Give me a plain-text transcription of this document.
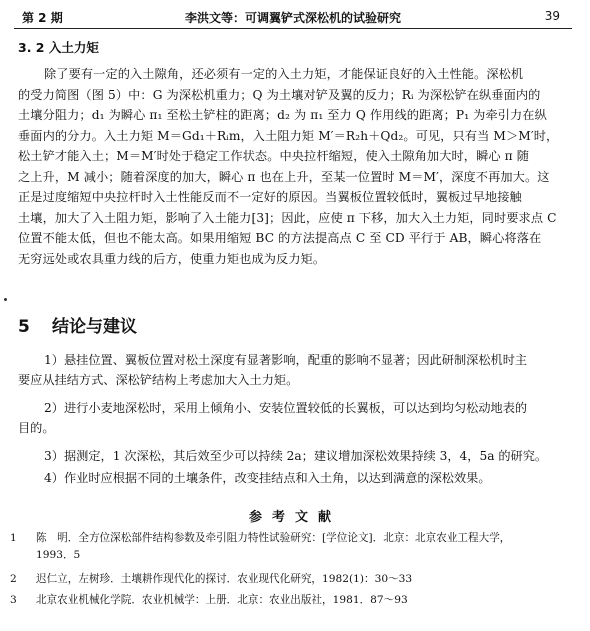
第 2 期	李洪文等：可调翼铲式深松机的试验研究	39
3. 2 入土力矩
除了要有一定的入土隙角，还必须有一定的入土力矩，才能保证良好的入土性能。深松机
的受力简图（图 5）中：G 为深松机重力；Q 为土壤对铲及翼的反力；Rᵢ 为深松铲在纵垂面内的
土壤分阻力；d₁ 为瞬心 π₁ 至松土铲柱的距离；d₂ 为 π₁ 至力 Q 作用线的距离；P₁ 为牵引力在纵
垂面内的分力。入土力矩 M＝Gd₁＋Rᵢm，入土阻力矩 M′＝R₂h＋Qd₂。可见，只有当 M＞M′时，
松土铲才能入土；M＝M′时处于稳定工作状态。中央拉杆缩短，使入土隙角加大时，瞬心 π 随
之上升，M 减小；随着深度的加大，瞬心 π 也在上升，至某一位置时 M＝M′，深度不再加大。这
正是过度缩短中央拉杆时入土性能反而不一定好的原因。当翼板位置较低时，翼板过早地接触
土壤，加大了入土阻力矩，影响了入土能力[3]；因此，应使 π 下移，加大入土力矩，同时要求点 C
位置不能太低，但也不能太高。如果用缩短 BC 的方法提高点 C 至 CD 平行于 AB，瞬心将落在
无穷远处或农具重力线的后方，使重力矩也成为反力矩。
5 结论与建议
1）悬挂位置、翼板位置对松土深度有显著影响，配重的影响不显著；因此研制深松机时主
要应从挂结方式、深松铲结构上考虑加大入土力矩。
2）进行小麦地深松时，采用上倾角小、安装位置较低的长翼板，可以达到均匀松动地表的
目的。
3）据测定，1 次深松，其后效至少可以持续 2a；建议增加深松效果持续 3，4，5a 的研究。
4）作业时应根据不同的土壤条件，改变挂结点和入土角，以达到满意的深松效果。
参考文献
1 陈　明．全方位深松部件结构参数及牵引阻力特性试验研究：[学位论文]．北京：北京农业工程大学，
1993．5
2 迟仁立，左树珍．土壤耕作现代化的探讨．农业现代化研究，1982(1)：30～33
3 北京农业机械化学院．农业机械学：上册．北京：农业出版社，1981．87～93
